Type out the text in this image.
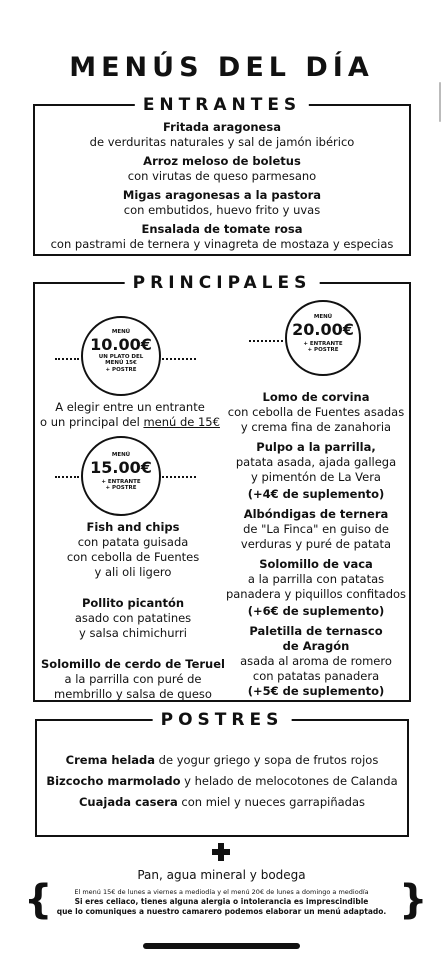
MENÚS DEL DÍA
ENTRANTES

Fritada aragonesa

de verduritas naturales y sal de jamón ibérico

Arroz meloso de boletus

con virutas de queso parmesano

Migas aragonesas a la pastora

con embutidos, huevo frito y uvas

Ensalada de tomate rosa

con pastrami de ternera y vinagreta de mostaza y especias

PRINCIPALES
MENÚ
10.00€
UN PLATO DEL
MENÚ 15€
+ POSTRE
MENÚ
20.00€
+ ENTRANTE
+ POSTRE

A elegir entre un entrante

o un principal del menú de 15€

MENÚ
15.00€
+ ENTRANTE
+ POSTRE

Fish and chips

con patata guisada

con cebolla de Fuentes

y ali oli ligero

Pollito picantón

asado con patatines

y salsa chimichurri

Solomillo de cerdo de Teruel

a la parrilla con puré de

membrillo y salsa de queso

Lomo de corvina

con cebolla de Fuentes asadas

y crema fina de zanahoria

Pulpo a la parrilla,

patata asada, ajada gallega

y pimentón de La Vera

(+4€ de suplemento)

Albóndigas de ternera

de "La Finca" en guiso de

verduras y puré de patata

Solomillo de vaca

a la parrilla con patatas

panadera y piquillos confitados

(+6€ de suplemento)

Paletilla de ternasco

de Aragón

asada al aroma de romero

con patatas panadera

(+5€ de suplemento)

POSTRES

Crema helada de yogur griego y sopa de frutos rojos

Bizcocho marmolado y helado de melocotones de Calanda

Cuajada casera con miel y nueces garrapiñadas

Pan, agua mineral y bodega

{	}

El menú 15€ de lunes a viernes a mediodía y el menú 20€ de lunes a domingo a mediodía

Si eres celiaco, tienes alguna alergia o intolerancia es imprescindible

que lo comuniques a nuestro camarero podemos elaborar un menú adaptado.
